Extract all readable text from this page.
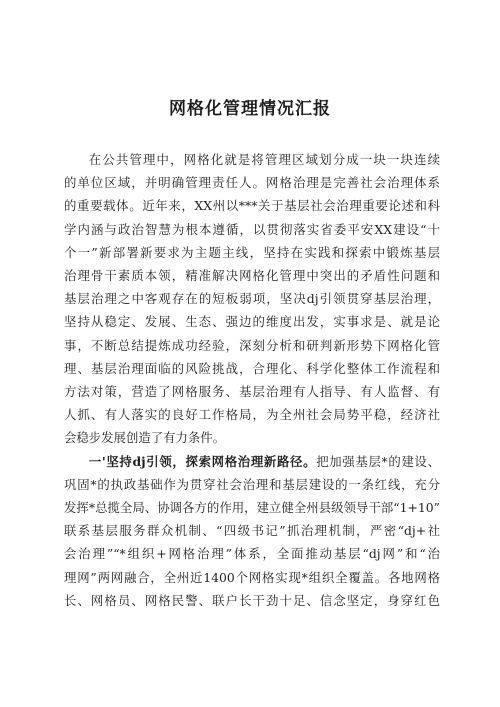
网格化管理情况汇报
在公共管理中，网格化就是将管理区域划分成一块一块连续
的单位区域，并明确管理责任人。网格治理是完善社会治理体系
的重要载体。近年来，XX州以***关于基层社会治理重要论述和科
学内涵与政治智慧为根本遵循，以贯彻落实省委平安XX建设“十
个一”新部署新要求为主题主线，坚持在实践和探索中锻炼基层
治理骨干素质本领，精准解决网格化管理中突出的矛盾性问题和
基层治理之中客观存在的短板弱项，坚决dj引领贯穿基层治理，
坚持从稳定、发展、生态、强边的维度出发，实事求是、就是论
事，不断总结提炼成功经验，深刻分析和研判新形势下网格化管
理、基层治理面临的风险挑战，合理化、科学化整体工作流程和
方法对策，营造了网格服务、基层治理有人指导、有人监督、有
人抓、有人落实的良好工作格局，为全州社会局势平稳，经济社
会稳步发展创造了有力条件。
一'坚持dj引领，探索网格治理新路径。把加强基层*的建设、
巩固*的执政基础作为贯穿社会治理和基层建设的一条红线，充分
发挥*总揽全局、协调各方的作用，建立健全州县级领导干部“1+10”
联系基层服务群众机制、“四级书记”抓治理机制，严密“dj+社
会治理”“*组织+网格治理”体系，全面推动基层“dj网”和“治
理网”两网融合，全州近1400个网格实现*组织全覆盖。各地网格
长、网格员、网格民警、联户长干劲十足、信念坚定，身穿红色
